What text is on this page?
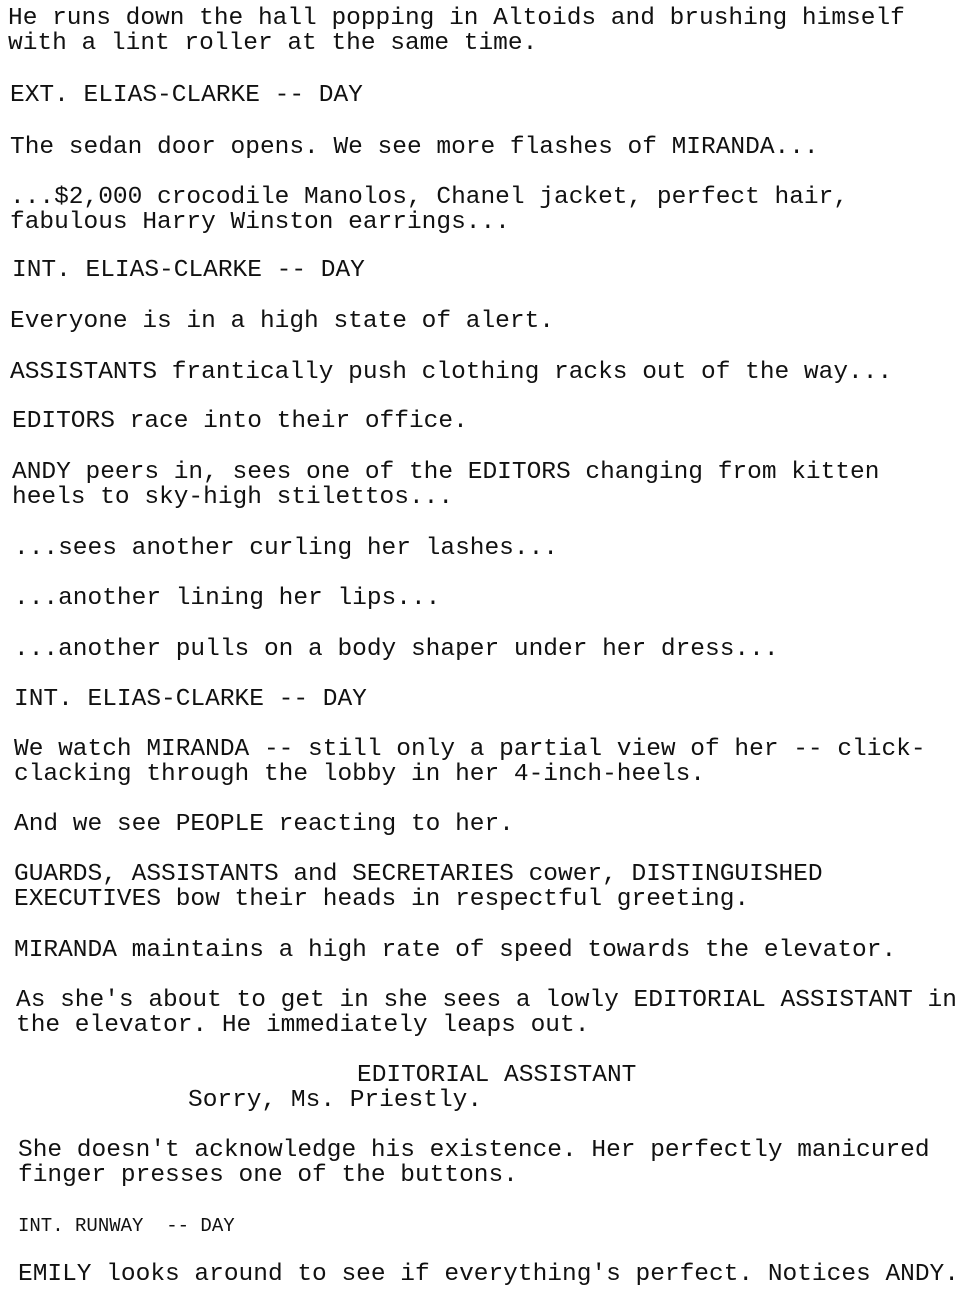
He runs down the hall popping in Altoids and brushing himself
with a lint roller at the same time.
EXT. ELIAS-CLARKE -- DAY
The sedan door opens. We see more flashes of MIRANDA...
...$2,000 crocodile Manolos, Chanel jacket, perfect hair,
fabulous Harry Winston earrings...
INT. ELIAS-CLARKE -- DAY
Everyone is in a high state of alert.
ASSISTANTS frantically push clothing racks out of the way...
EDITORS race into their office.
ANDY peers in, sees one of the EDITORS changing from kitten
heels to sky-high stilettos...
...sees another curling her lashes...
...another lining her lips...
...another pulls on a body shaper under her dress...
INT. ELIAS-CLARKE -- DAY
We watch MIRANDA -- still only a partial view of her -- click-
clacking through the lobby in her 4-inch-heels.
And we see PEOPLE reacting to her.
GUARDS, ASSISTANTS and SECRETARIES cower, DISTINGUISHED
EXECUTIVES bow their heads in respectful greeting.
MIRANDA maintains a high rate of speed towards the elevator.
As she's about to get in she sees a lowly EDITORIAL ASSISTANT in
the elevator. He immediately leaps out.
EDITORIAL ASSISTANT
Sorry, Ms. Priestly.
She doesn't acknowledge his existence. Her perfectly manicured
finger presses one of the buttons.
INT. RUNWAY  -- DAY
EMILY looks around to see if everything's perfect. Notices ANDY.
